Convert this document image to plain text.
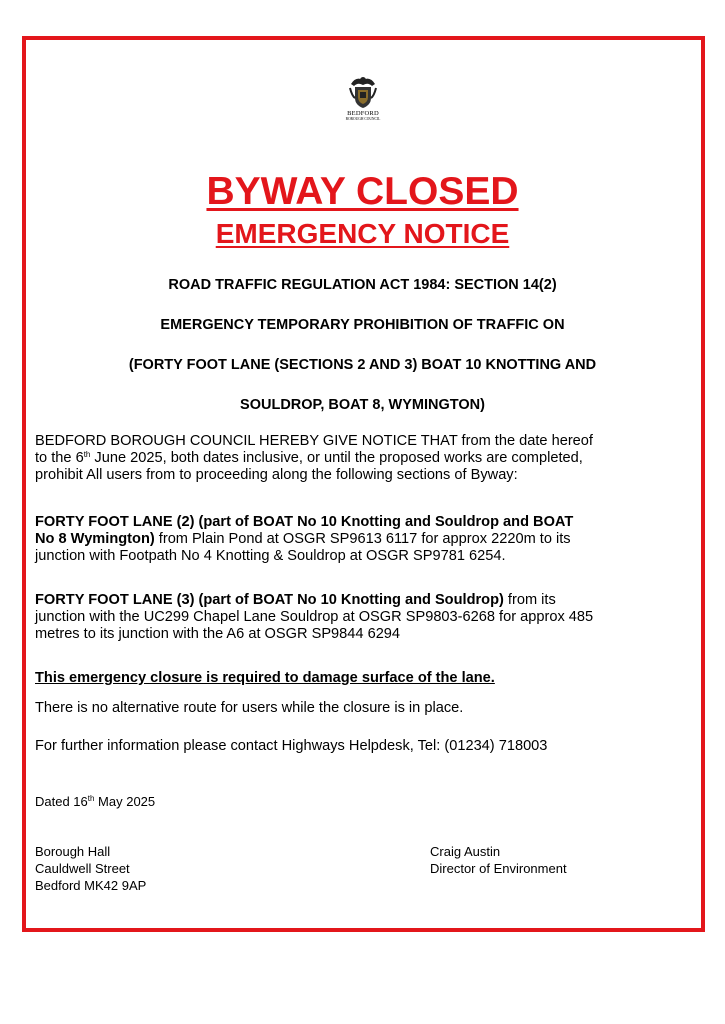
BEDFORD
BOROUGH COUNCIL
BYWAY CLOSED
EMERGENCY NOTICE
ROAD TRAFFIC REGULATION ACT 1984: SECTION 14(2)
EMERGENCY TEMPORARY PROHIBITION OF TRAFFIC ON
(FORTY FOOT LANE (SECTIONS 2 AND 3) BOAT 10 KNOTTING AND
SOULDROP, BOAT 8, WYMINGTON)
BEDFORD BOROUGH COUNCIL HEREBY GIVE NOTICE THAT from the date hereof
to the 6th June 2025, both dates inclusive, or until the proposed works are completed,
prohibit All users from to proceeding along the following sections of Byway:
FORTY FOOT LANE (2) (part of BOAT No 10 Knotting and Souldrop and BOAT
No 8 Wymington) from Plain Pond at OSGR SP9613 6117 for approx 2220m to its
junction with Footpath No 4 Knotting & Souldrop at OSGR SP9781 6254.
FORTY FOOT LANE (3) (part of BOAT No 10 Knotting and Souldrop) from its
junction with the UC299 Chapel Lane Souldrop at OSGR SP9803-6268 for approx 485
metres to its junction with the A6 at OSGR SP9844 6294
This emergency closure is required to damage surface of the lane.
There is no alternative route for users while the closure is in place.
For further information please contact Highways Helpdesk, Tel: (01234) 718003
Dated 16th May 2025
Borough Hall
Cauldwell Street
Bedford MK42 9AP
Craig Austin
Director of Environment
